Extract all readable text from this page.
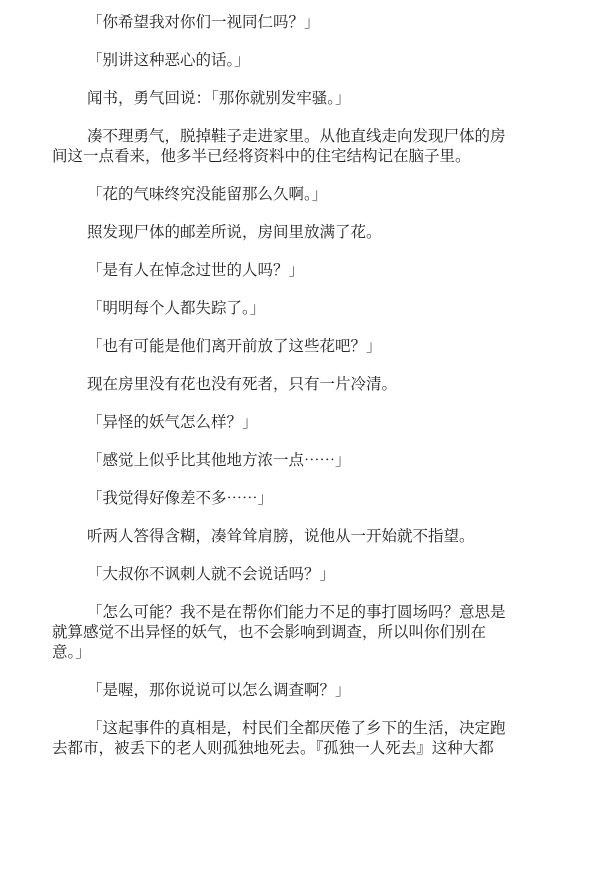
「你希望我对你们一视同仁吗？」

「别讲这种恶心的话。」

闻书，勇气回说：「那你就别发牢骚。」

凑不理勇气，脱掉鞋子走进家里。从他直线走向发现尸体的房间这一点看来，他多半已经将资料中的住宅结构记在脑子里。

「花的气味终究没能留那么久啊。」

照发现尸体的邮差所说，房间里放满了花。

「是有人在悼念过世的人吗？」

「明明每个人都失踪了。」

「也有可能是他们离开前放了这些花吧？」

现在房里没有花也没有死者，只有一片冷清。

「异怪的妖气怎么样？」

「感觉上似乎比其他地方浓一点⋯⋯」

「我觉得好像差不多⋯⋯」

听两人答得含糊，凑耸耸肩膀，说他从一开始就不指望。

「大叔你不讽刺人就不会说话吗？」

「怎么可能？我不是在帮你们能力不足的事打圆场吗？意思是就算感觉不出异怪的妖气，也不会影响到调查，所以叫你们别在意。」

「是喔，那你说说可以怎么调查啊？」

「这起事件的真相是，村民们全都厌倦了乡下的生活，决定跑去都市，被丢下的老人则孤独地死去。『孤独一人死去』这种大都
